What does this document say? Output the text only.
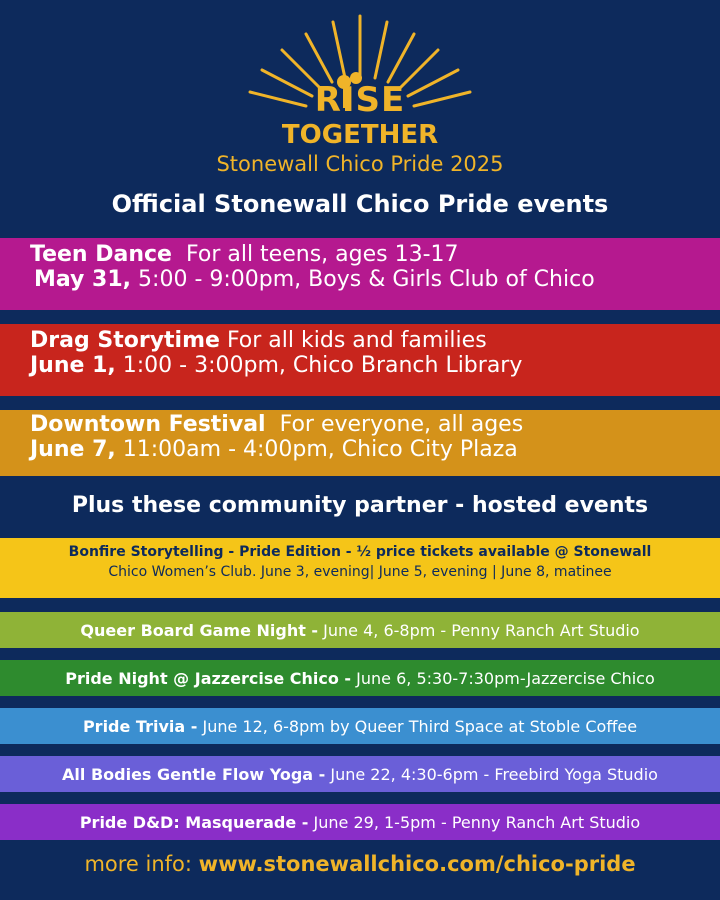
RISE
TOGETHER
Stonewall Chico Pride 2025
Official Stonewall Chico Pride events
Teen Dance For all teens, ages 13-17
May 31, 5:00 - 9:00pm, Boys & Girls Club of Chico
Drag Storytime For all kids and families
June 1, 1:00 - 3:00pm, Chico Branch Library
Downtown Festival For everyone, all ages
June 7, 11:00am - 4:00pm, Chico City Plaza
Plus these community partner - hosted events
Bonfire Storytelling - Pride Edition - ½ price tickets available @ Stonewall
Chico Women’s Club. June 3, evening| June 5, evening | June 8, matinee
Queer Board Game Night -
June 4, 6-8pm - Penny Ranch Art Studio
Pride Night @ Jazzercise Chico -
June 6, 5:30-7:30pm-Jazzercise Chico
Pride Trivia -
June 12, 6-8pm by Queer Third Space at Stoble Coffee
All Bodies Gentle Flow Yoga -
June 22, 4:30-6pm - Freebird Yoga Studio
Pride D&D: Masquerade -
June 29, 1-5pm - Penny Ranch Art Studio
more info: www.stonewallchico.com/chico-pride
